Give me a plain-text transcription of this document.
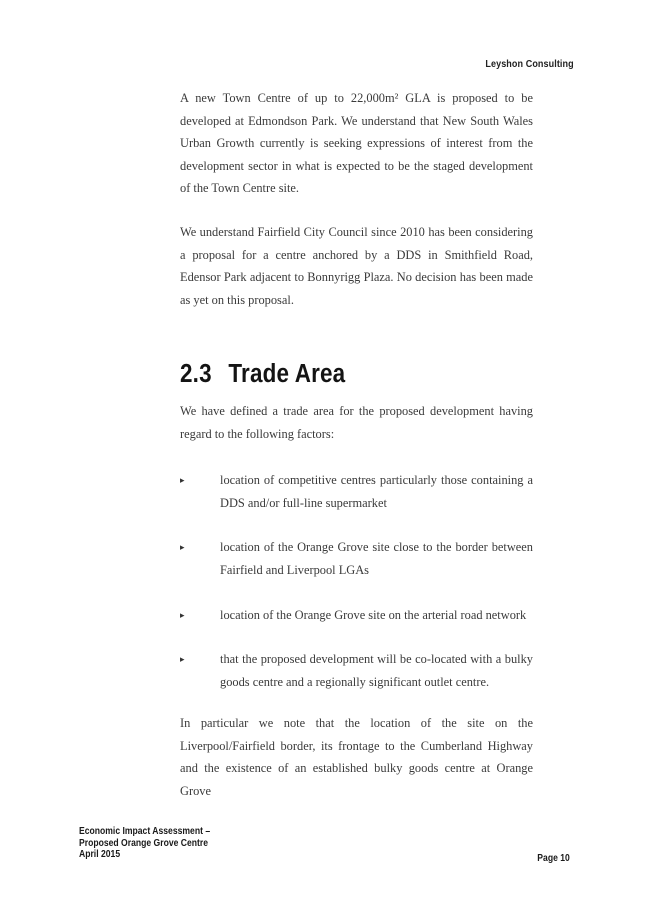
Leyshon Consulting

A new Town Centre of up to 22,000m² GLA is proposed to be developed at Edmondson Park. We understand that New South Wales Urban Growth currently is seeking expressions of interest from the development sector in what is expected to be the staged development of the Town Centre site.

We understand Fairfield City Council since 2010 has been considering a proposal for a centre anchored by a DDS in Smithfield Road, Edensor Park adjacent to Bonnyrigg Plaza. No decision has been made as yet on this proposal.

2.3 Trade Area

We have defined a trade area for the proposed development having regard to the following factors:

▸	location of competitive centres particularly those containing a DDS and/or full-line supermarket

▸	location of the Orange Grove site close to the border between Fairfield and Liverpool LGAs

▸	location of the Orange Grove site on the arterial road network

▸	that the proposed development will be co-located with a bulky goods centre and a regionally significant outlet centre.

In particular we note that the location of the site on the Liverpool/Fairfield border, its frontage to the Cumberland Highway and the existence of an established bulky goods centre at Orange Grove

Economic Impact Assessment –
Proposed Orange Grove Centre
April 2015	Page 10
